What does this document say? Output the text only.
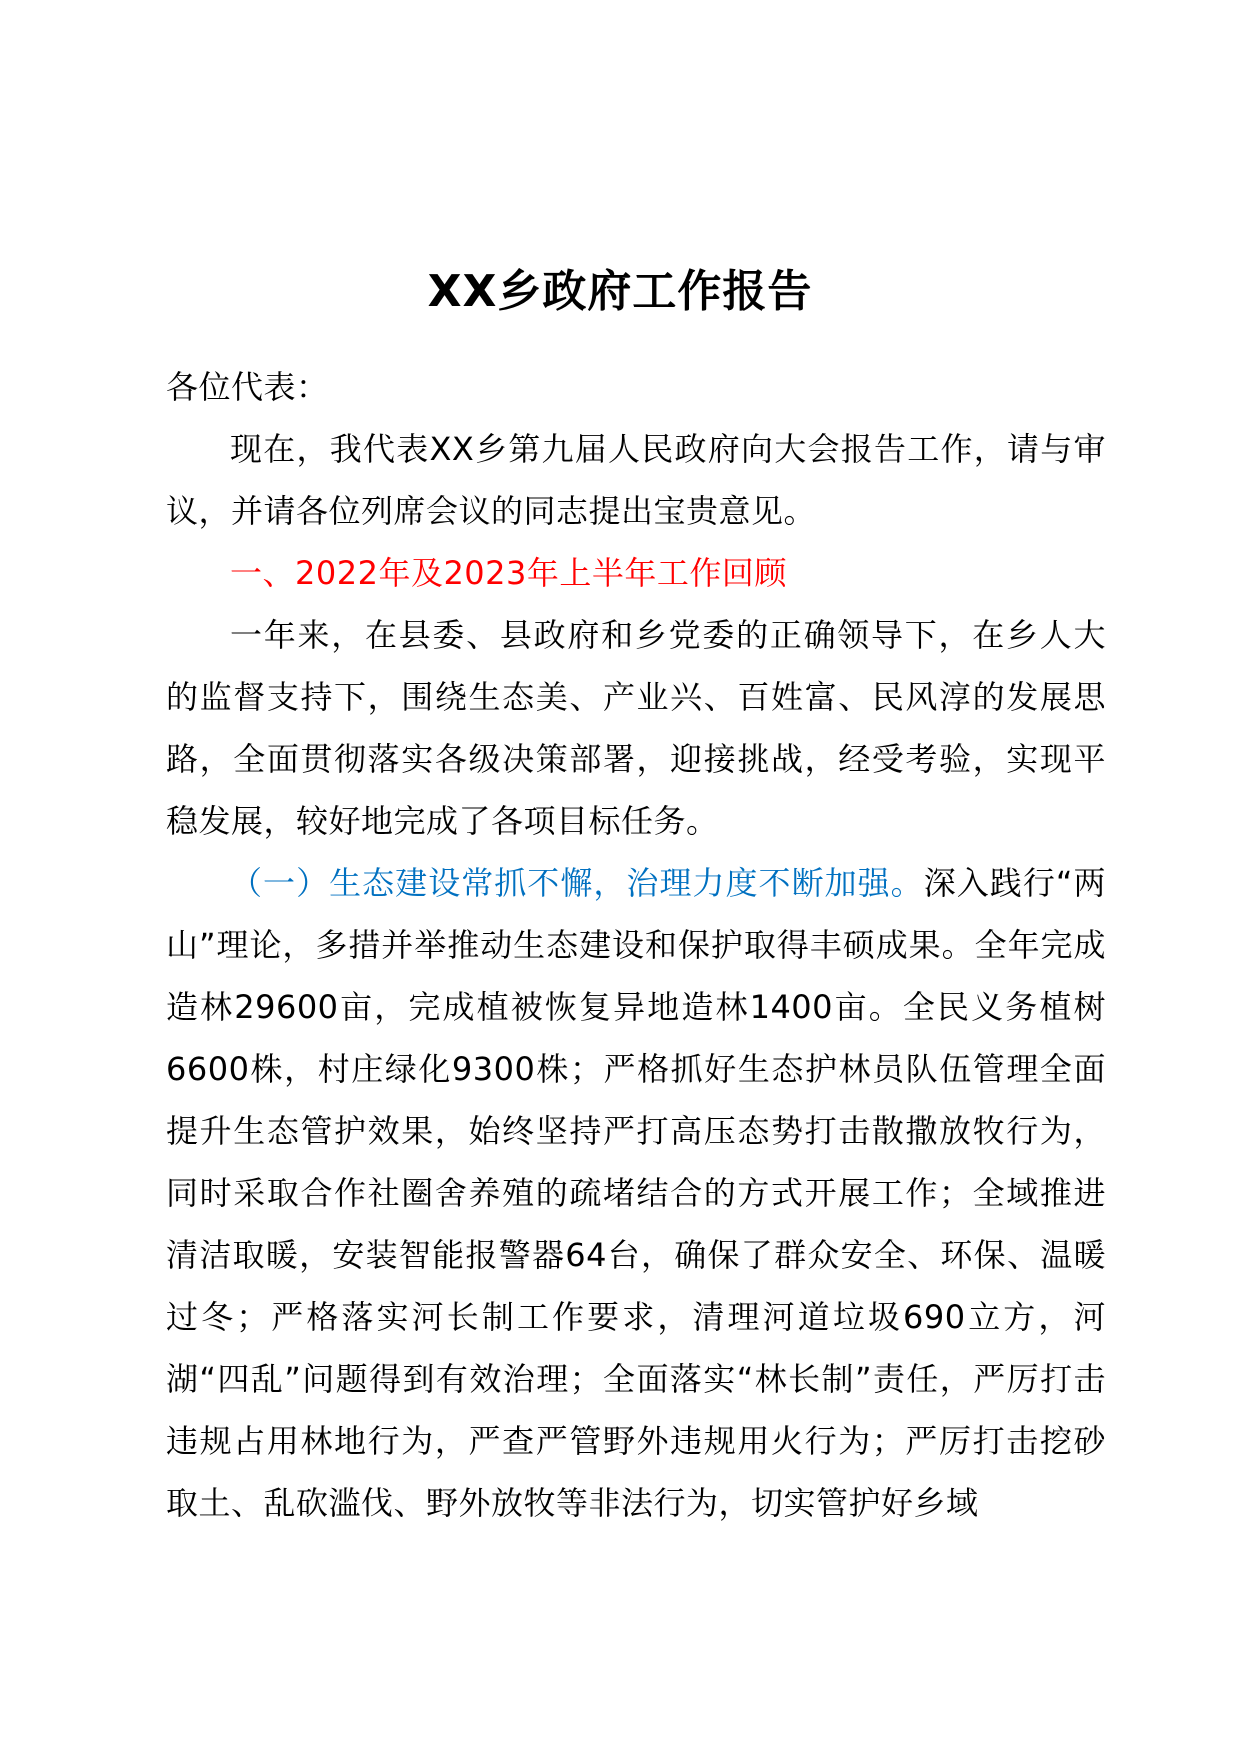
XX乡政府工作报告

各位代表：

现在，我代表XX乡第九届人民政府向大会报告工作，请与审议，并请各位列席会议的同志提出宝贵意见。

一、2022年及2023年上半年工作回顾

一年来，在县委、县政府和乡党委的正确领导下，在乡人大的监督支持下，围绕生态美、产业兴、百姓富、民风淳的发展思路，全面贯彻落实各级决策部署，迎接挑战，经受考验，实现平稳发展，较好地完成了各项目标任务。

（一）生态建设常抓不懈，治理力度不断加强。深入践行“两山”理论，多措并举推动生态建设和保护取得丰硕成果。全年完成造林29600亩，完成植被恢复异地造林1400亩。全民义务植树6600株，村庄绿化9300株；严格抓好生态护林员队伍管理全面提升生态管护效果，始终坚持严打高压态势打击散撒放牧行为，同时采取合作社圈舍养殖的疏堵结合的方式开展工作；全域推进清洁取暖，安装智能报警器64台，确保了群众安全、环保、温暖过冬；严格落实河长制工作要求，清理河道垃圾690立方，河湖“四乱”问题得到有效治理；全面落实“林长制”责任，严厉打击违规占用林地行为，严查严管野外违规用火行为；严厉打击挖砂取土、乱砍滥伐、野外放牧等非法行为，切实管护好乡域
